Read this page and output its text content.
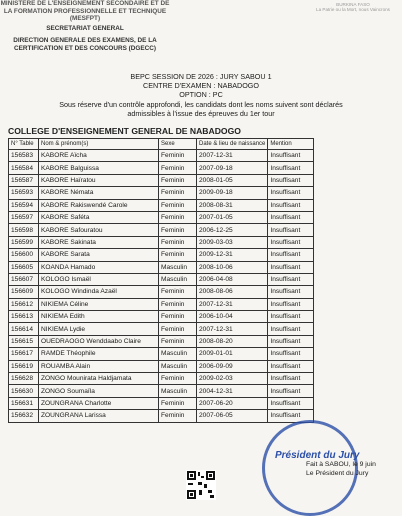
MINISTERE DE L'ENSEIGNEMENT SECONDAIRE ET DE LA FORMATION PROFESSIONNELLE ET TECHNIQUE (MESFPT)
SECRETARIAT GENERAL
DIRECTION GENERALE DES EXAMENS, DE LA CERTIFICATION ET DES CONCOURS (DGECC)
BURKINA FASO
La Patrie ou la Mort, nous Vaincrons
BEPC SESSION DE 2026 : JURY SABOU 1
CENTRE D'EXAMEN : NABADOGO
OPTION : PC
Sous réserve d'un contrôle approfondi, les candidats dont les noms suivent sont déclarés
admissibles à l'issue des épreuves du 1er tour
COLLEGE D'ENSEIGNEMENT GENERAL DE NABADOGO
N° Table	Nom & prénom(s)	Sexe	Date & lieu de naissance	Mention
156583	KABORE Aïcha	Feminin	2007-12-31	Insuffisant
156584	KABORE Balguissa	Feminin	2007-09-18	Insuffisant
156587	KABORE Haïratou	Feminin	2008-01-05	Insuffisant
156593	KABORE Némata	Feminin	2009-09-18	Insuffisant
156594	KABORE Rakiswendé Carole	Feminin	2008-08-31	Insuffisant
156597	KABORE Saféta	Feminin	2007-01-05	Insuffisant
156598	KABORE Safouratou	Feminin	2006-12-25	Insuffisant
156599	KABORE Sakinata	Feminin	2009-03-03	Insuffisant
156600	KABORE Sarata	Feminin	2009-12-31	Insuffisant
156605	KOANDA Hamado	Masculin	2008-10-06	Insuffisant
156607	KOLOGO Ismaël	Masculin	2006-04-08	Insuffisant
156609	KOLOGO Windinda Azaël	Feminin	2008-08-06	Insuffisant
156612	NIKIEMA Céline	Feminin	2007-12-31	Insuffisant
156613	NIKIEMA Edith	Feminin	2006-10-04	Insuffisant
156614	NIKIEMA Lydie	Feminin	2007-12-31	Insuffisant
156615	OUEDRAOGO Wenddaabo Claire	Feminin	2008-08-20	Insuffisant
156617	RAMDE Théophile	Masculin	2009-01-01	Insuffisant
156619	ROUAMBA Alain	Masculin	2006-09-09	Insuffisant
156628	ZONGO Mounirata Haldjamata	Feminin	2009-02-03	Insuffisant
156630	ZONGO Soumaïla	Masculin	2004-12-31	Insuffisant
156631	ZOUNGRANA Charlotte	Feminin	2007-06-20	Insuffisant
156632	ZOUNGRANA Larissa	Feminin	2007-06-05	Insuffisant
Président du Jury
Fait à SABOU, le 9 juin
Le Président du Jury
